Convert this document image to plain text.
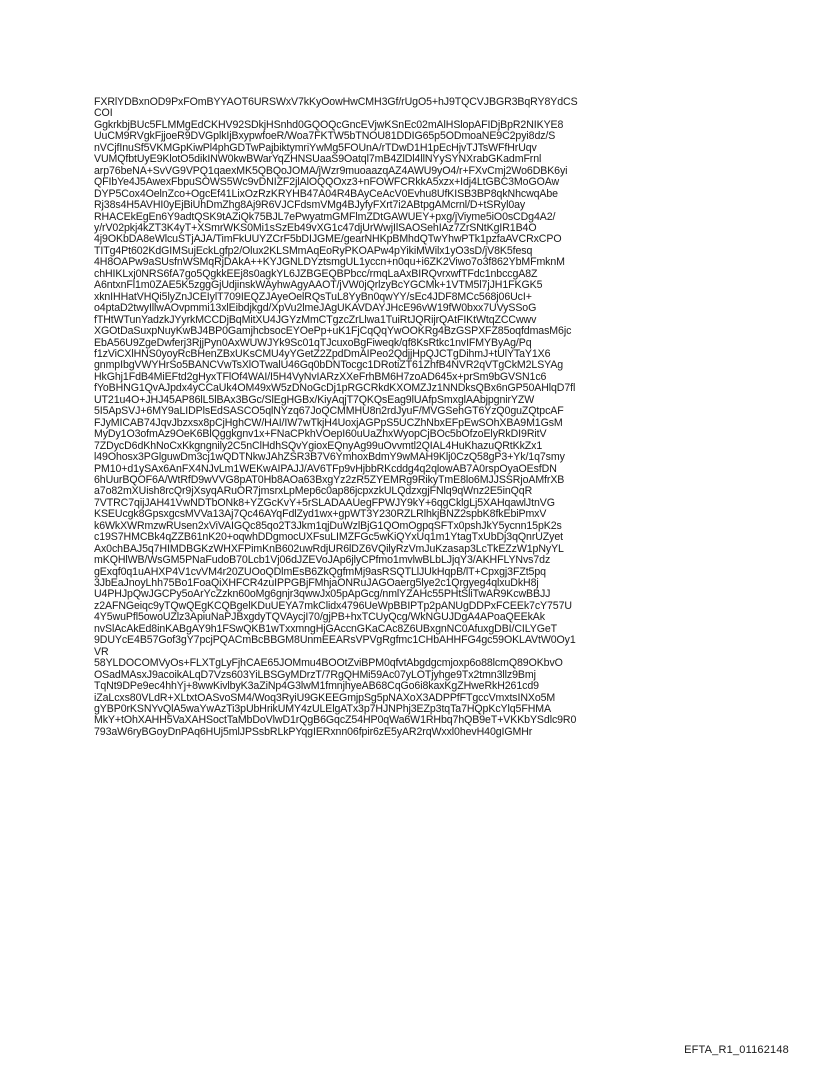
FXRlYDBxnOD9PxFOmBYYAOT6URSWxV7kKyOowHwCMH3Gf/rUgO5+hJ9TQCVJBGR3BqRY8YdCS
COI
GgkrkbjBUc5FLMMgEdCKHV92SDkjHSnhd0GQOQcGncEVjwKSnEc02mAlHSlopAFIDjBpR2NIKYE8
UuCM9RVgkFjjoeR9DVGplkIjBxypwfoeR/Woa7FKTW5bTNOU81DDIG65p5ODmoaNE9C2pyi8dz/S
nVCjfInuSf5VKMGpKiwPl4phGDTwPajbiktymriYwMg5FOUnA/rTDwD1H1pEcHjvTJTsWFfHrUqv
VUMQfbtUyE9KlotO5dikINW0kwBWarYqZHNSUaaS9Oatql7mB4ZlDl4llNYySYNXrabGKadmFrnl
arp76beNA+SvVG9VPQ1qaexMK5QBQoJOMA/jWzr9muoaazqAZ4AWU9yO4/r+FXvCmj2Wo6DBK6yi
QFIbYe4J5AwexFbpuSOWS5Wc9vDNIZF2jlAlOQQOxz3+nFOWFCRkkA5xzx+Idj4LtGBC3MoGOAw
DYP5Cox4OelnZco+OgcEf41LixOzRzKRYHB47A04R4BAyCeAcV0Evhu8UfKISB3BP8qkNhcwqAbe
Rj38s4H5AVHI0yEjBiUhDmZhg8Aj9R6VJCFdsmVMg4BJyfyFXrt7i2ABtpgAMcrnl/D+tSRyl0ay
RHACEkEgEn6Y9adtQSK9tAZiQk75BJL7ePwyatmGMFlmZDtGAWUEY+pxg/jViyme5iO0sCDg4A2/
y/rV02pkj4kZT3K4yT+XSmrWKS0Mi1sSzEb49vXG1c47djUrWwjIlSAOSehIAz7ZrSNtKgIR1B4O
4j9OKbDA8eWlcuSTjAJA/TimFkUUYZCrF5bDIJGME/gearNHKpBMhdQTwYhwPTk1pzfaAVCRxCPO
TITg4Pt602KdGIMSujEckLgfp2/Olux2KLSMmAqEoRyPKOAPw4pYikiMWilx1yO3sD/jV8K5fesq
4H8OAPw9aSUsfnWSMqRjDAkA++KYJGNLDYztsmgUL1yccn+n0qu+i6ZK2Viwo7o3f862YbMFmknM
chHIKLxj0NRS6fA7go5QgkkEEj8s0agkYL6JZBGEQBPbcc/rmqLaAxBIRQvrxwfTFdc1nbccgA8Z
A6ntxnFl1m0ZAE5K5zggGjUdjinskWAyhwAgyAAOT/jVW0jQrlzyBcYGCMk+1VTM5l7jJH1FKGK5
xknIHHatVHQi5lyZnJCEIylT709IEQZJAyeOelRQsTuL8YyBn0qwYY/sEc4JDF8MCc568j06UcI+
o4ptaD2twyIllwAOvpmmi13xlEibdjkgd/XpVu2lmeJAgUKAVDAYJHcE96vW19fW0bxx7UVySSoG
fTHtWTunYadzkJYyrkMCCDjBqMitXU4JGYzMmCTgzcZrLlwa1TuiRtJQRijrQAtFIKtWtqZCCwwv
XGOtDaSuxpNuyKwBJ4BP0GamjhcbsocEYOePp+uK1FjCqQqYwOOKRg4BzGSPXFZ85oqfdmasM6jc
EbA56U9ZgeDwferj3RjjPyn0AxWUWJYk9Sc01qTJcuxoBgFiweqk/qf8KsRtkc1nvIFMYByAg/Pq
f1zViCXlHNS0yoyRcBHenZBxUKsCMU4yYGetZ2ZpdDmAIPeo2QdjjHpQJCTgDihmJ+tUlYTaY1X6
gnmpIbgVWYHrSo5BANCVwTsXlOTwalU46Gq0bDNTocgc1DRotiZT61ZhfB4NVR2qVTgCkM2LSYAg
HkGhj1FdB4MiEFtd2gHyxTFlOf4WAI/I5H4VyNvIARzXXeFrhBM6H7zoAD645x+prSm9bGVSN1c6
fYoBHNG1QvAJpdx4yCCaUk4OM49xW5zDNoGcDj1pRGCRkdKXOMZJz1NNDksQBx6nGP50AHlqD7fl
UT21u4O+JHJ45AP86lL5lBAx3BGc/SlEgHGBx/KiyAqjT7QKQsEag9lUAfpSmxglAAbjpgnirYZW
5I5ApSVJ+6MY9aLIDPlsEdSASCO5qlNYzq67JoQCMMHU8n2rdJyuF/MVGSehGT6YzQ0guZQtpcAF
FJyMICAB74JqvJbzxsx8pCjHghCW/HAI/IW7wTkjH4UoxjAGPpS5UCZhNbxEFpEwSOhXBA9M1GsM
MyDy1O3ofmAz9OeK6BlQggkgnv1x+FNaCPkhVOepI60uUaZhxWyopCjBOc5bOfzoElyRkDI9RitV
7ZDycD6dKhNoCxKkgngnily2C5nClHdhSQvYgioxEQnyAg99uOvvmtl2QIAL4HuKhazuQRtKkZx1
l49Ohosx3PGlguwDm3cj1wQDTNkwJAhZSR3B7V6YmhoxBdmY9wMAH9Klj0CzQ58gP3+Yk/1q7smy
PM10+d1ySAx6AnFX4NJvLm1WEKwAIPAJJ/AV6TFp9vHjbbRKcddg4q2qlowAB7A0rspOyaOEsfDN
6hUurBQOF6A/WtRfD9wVVG8pAT0Hb8AOa63BxgYz2zR5ZYEMRg9RikyTmE8lo6MJJSSRjoAMfrXB
a7o82mXUish8rcQr9jXsyqARuOR7jmsrxLpMep6c0ap86jcpxzkULQdzxgjFNlq9qWnz2E5inQqR
7VTRC7qijJAH41VwNDTbONk8+YZGcKvY+5rSLADAAUegFPWJY9kY+6qgCklgLj5XAHqawlJtnVG
KSEUcgk8GpsxgcsMVVa13Aj7Qc46AYqFdlZyd1wx+gpWT3Y230RZLRlhkjBNZ2spbK8fkEbiPmxV
k6WkXWRmzwRUsen2xViVAIGQc85qo2T3Jkm1qjDuWzlBjG1QOmOgpqSFTx0pshJkY5ycnn15pK2s
c19S7HMCBk4qZZB61nK20+oqwhDDgmocUXFsuLIMZFGc5wKiQYxUq1m1YtagTxUbDj3qQnrUZyet
Ax0chBAJ5q7HIMDBGKzWHXFPimKnB602uwRdjUR6lDZ6VQilyRzVmJuKzasap3LcTkEZzW1pNyYL
mKQHlWB/WsGM5PNaFudoB70Lcb1Vj06dJZEVoJAp6jlyCPfmo1mvlwBLbLJjqY3/AKHFLYNvs7dz
gExqf0q1uAHXP4V1cvVM4r20ZUOoQDlmEsB6ZkQgfmMj9asRSQTLlJUkHqpB/lT+Cpxgj3FZt5pq
3JbEaJnoyLhh75Bo1FoaQiXHFCR4zuIPPGBjFMhjaONRuJAGOaerg5lye2c1Qrgyeg4qlxuDkH8j
U4PHJpQwJGCPy5oArYcZzkn60oMg6gnjr3qwwJx05pApGcg/nmlYZAHc55PHtSliTwAR9KcwBBJJ
z2AFNGeiqc9yTQwQEgKCQBgelKDuUEYA7mkClidx4796UeWpBBIPTp2pANUgDDPxFCEEk7cY757U
4Y5wuPfl5owoUZlz3ApiuNaPJBxgdyTQVAycjI70/gjPB+hxTCUyQcg/WkNGUJDgA4APoaQEEkAk
nvSlAcAkEd8inKABgAY9h1FSwQKB1wTxxmngHjGAccnGKaCAc8Z6UBxgnNC0AfuxgDBI/CILYGeT
9DUYcE4B57Gof3gY7pcjPQACmBcBBGM8UnmEEARsVPVgRgfmc1CHbAHHFG4gc59OKLAVtW0Oy1
VR
58YLDOCOMVyOs+FLXTgLyFjhCAE65JOMmu4BOOtZviBPM0qfvtAbgdgcmjoxp6o88lcmQ89OKbvO
OSadMAsxJ9acoikALqD7Vzs603YiLBSGyMDrzT/7RgQHMi59Ac07yLOTjyhge9Tx2tmn3llz9Bmj
TqNt9DPe9ec4hhYj+8wwKivlbyK3aZiNp4G3lwM1fmnjhyeAB68CqGo6i8kaxKgZHweRkH261cd9
iZaLcxs80VLdR+XLtxtOASvoSM4/Woq3RyiU9GKEEGmjpSg5pNAXoX3ADPPfFTgccVmxtsINXo5M
gYBP0rKSNYvQlA5waYwAzTi3pUbHrikUMY4zULElgATx3p7HJNPhj3EZp3tqTa7HQpKcYlq5FHMA
MkY+tOhXAHH5VaXAHSoctTaMbDoVlwD1rQgB6GqcZ54HP0qWa6W1RHbq7hQB9eT+VKKbYSdlc9R0
793aW6ryBGoyDnPAq6HUj5mlJPSsbRLkPYqgIERxnn06fpir6zE5yAR2rqWxxl0hevH40gIGMHr
EFTA_R1_01162148
